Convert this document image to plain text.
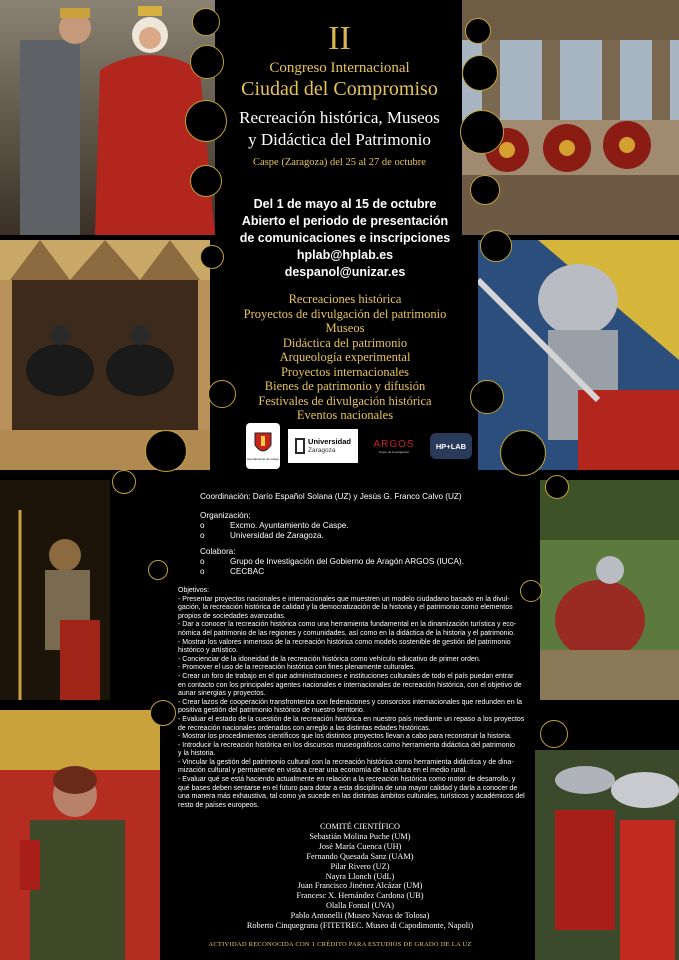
II
Congreso Internacional
Ciudad del Compromiso
Recreación histórica, Museos
y Didáctica del Patrimonio
Caspe (Zaragoza) del 25 al 27 de octubre
Del 1 de mayo al 15 de octubre
Abierto el periodo de presentación
de comunicaciones e inscripciones
hplab@hplab.es
despanol@unizar.es
Recreaciones histórica
Proyectos de divulgación del patrimonio
Museos
Didáctica del patrimonio
Arqueología experimental
Proyectos internacionales
Bienes de patrimonio y difusión
Festivales de divulgación histórica
Eventos nacionales
Ayuntamiento de Caspe
Universidad
Zaragoza
ARGOS
Grupo de investigación
HP+LAB
Coordinación: Darío Español Solana (UZ) y Jesús G. Franco Calvo (UZ)
Organización:
o	Excmo. Ayuntamiento de Caspe.
o	Universidad de Zaragoza.
Colabora:
o	Grupo de Investigación del Gobierno de Aragón ARGOS (IUCA).
o	CECBAC
Objetivos:
- Presentar proyectos nacionales e internacionales que muestren un modelo ciudadano basado en la divul-
gación, la recreación histórica de calidad y la democratización de la historia y el patrimonio como elementos
propios de sociedades avanzadas.
- Dar a conocer la recreación histórica como una herramienta fundamental en la dinamización turística y eco-
nómica del patrimonio de las regiones y comunidades, así como en la didáctica de la historia y el patrimonio.
- Mostrar los valores inmensos de la recreación histórica como modelo sostenible de gestión del patrimonio
histórico y artístico.
- Concienciar de la idoneidad de la recreación histórica como vehículo educativo de primer orden.
- Promover el uso de la recreación histórica con fines plenamente culturales.
- Crear un foro de trabajo en el que administraciones e instituciones culturales de todo el país puedan entrar
en contacto con los principales agentes nacionales e internacionales de recreación histórica, con el objetivo de
aunar sinergias y proyectos.
- Crear lazos de cooperación transfronteriza con federaciones y consorcios internacionales que redunden en la
positiva gestión del patrimonio histórico de nuestro territorio.
- Evaluar el estado de la cuestión de la recreación histórica en nuestro país mediante un repaso a los proyectos
de recreación nacionales ordenados con arreglo a las distintas edades históricas.
- Mostrar los procedimientos científicos que los distintos proyectos llevan a cabo para reconstruir la historia.
- Introducir la recreación histórica en los discursos museográficos como herramienta didáctica del patrimonio
y la historia.
- Vincular la gestión del patrimonio cultural con la recreación histórica como herramienta didáctica y de dina-
mización cultural y permanente en vista a crear una economía de la cultura en el medio rural.
- Evaluar qué se está haciendo actualmente en relación a la recreación histórica como motor de desarrollo, y
qué bases deben sentarse en el futuro para dotar a esta disciplina de una mayor calidad y darla a conocer de
una manera más exhaustiva, tal como ya sucede en las distintas ámbitos culturales, turísticos y académicos del
resto de países europeos.
COMITÉ CIENTÍFICO
Sebastián Molina Puche (UM)
José María Cuenca (UH)
Fernando Quesada Sanz (UAM)
Pilar Rivero (UZ)
Nayra Llonch (UdL)
Juan Francisco Jinénez Alcázar (UM)
Francesc X. Hernández Cardona (UB)
Olalla Fontal (UVA)
Pablo Antonelli (Museo Navas de Tolosa)
Roberto Cinquegrana (FITETREC. Museo di Capodimonte, Napoli)
ACTIVIDAD RECONOCIDA CON 1 CRÉDITO PARA ESTUDIOS DE GRADO DE LA UZ
